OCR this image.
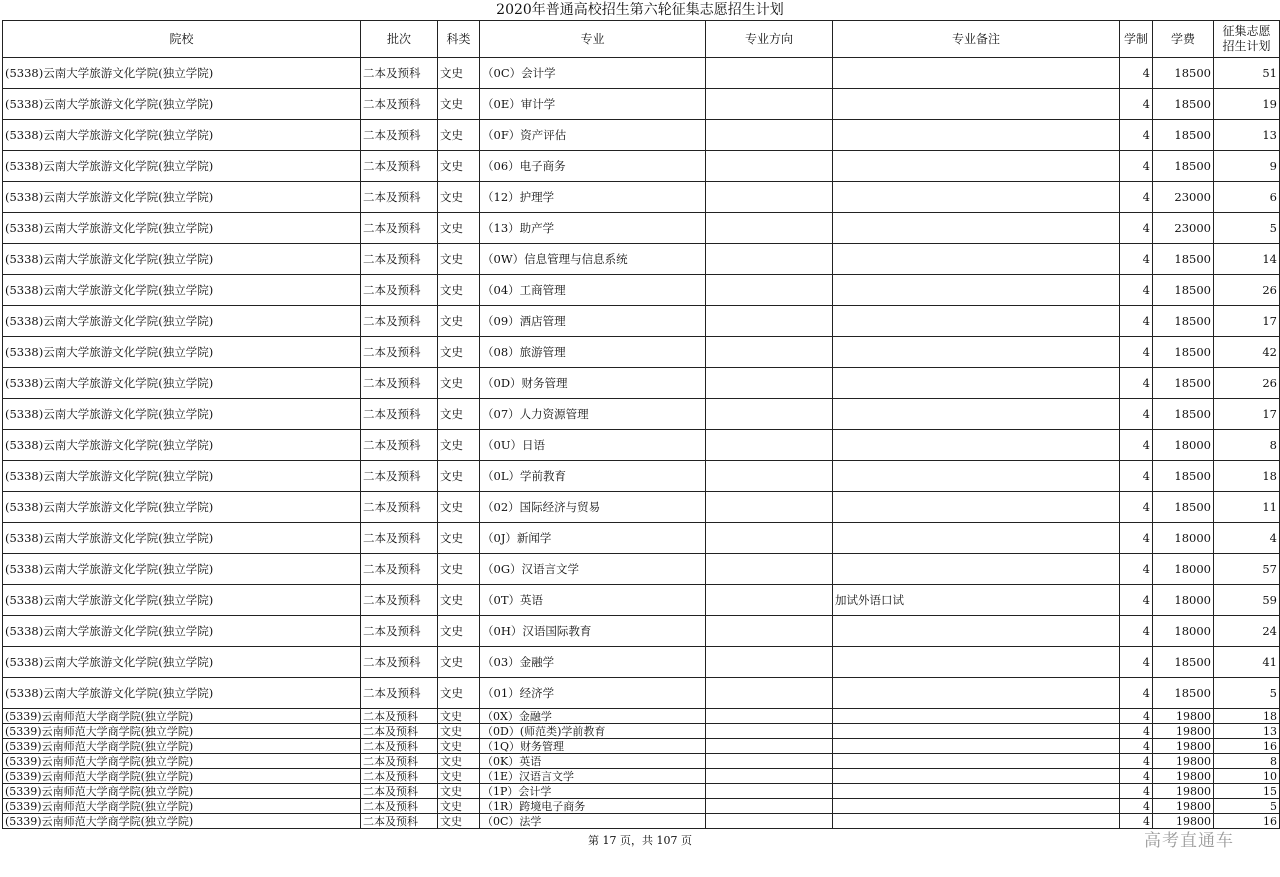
2020年普通高校招生第六轮征集志愿招生计划
院校	批次	科类	专业	专业方向	专业备注	学制	学费	征集志愿
招生计划

(5338)云南大学旅游文化学院(独立学院)	二本及预科	文史	（0C）会计学			4	18500	51
(5338)云南大学旅游文化学院(独立学院)	二本及预科	文史	（0E）审计学			4	18500	19
(5338)云南大学旅游文化学院(独立学院)	二本及预科	文史	（0F）资产评估			4	18500	13
(5338)云南大学旅游文化学院(独立学院)	二本及预科	文史	（06）电子商务			4	18500	9
(5338)云南大学旅游文化学院(独立学院)	二本及预科	文史	（12）护理学			4	23000	6
(5338)云南大学旅游文化学院(独立学院)	二本及预科	文史	（13）助产学			4	23000	5
(5338)云南大学旅游文化学院(独立学院)	二本及预科	文史	（0W）信息管理与信息系统			4	18500	14
(5338)云南大学旅游文化学院(独立学院)	二本及预科	文史	（04）工商管理			4	18500	26
(5338)云南大学旅游文化学院(独立学院)	二本及预科	文史	（09）酒店管理			4	18500	17
(5338)云南大学旅游文化学院(独立学院)	二本及预科	文史	（08）旅游管理			4	18500	42
(5338)云南大学旅游文化学院(独立学院)	二本及预科	文史	（0D）财务管理			4	18500	26
(5338)云南大学旅游文化学院(独立学院)	二本及预科	文史	（07）人力资源管理			4	18500	17
(5338)云南大学旅游文化学院(独立学院)	二本及预科	文史	（0U）日语			4	18000	8
(5338)云南大学旅游文化学院(独立学院)	二本及预科	文史	（0L）学前教育			4	18500	18
(5338)云南大学旅游文化学院(独立学院)	二本及预科	文史	（02）国际经济与贸易			4	18500	11
(5338)云南大学旅游文化学院(独立学院)	二本及预科	文史	（0J）新闻学			4	18000	4
(5338)云南大学旅游文化学院(独立学院)	二本及预科	文史	（0G）汉语言文学			4	18000	57
(5338)云南大学旅游文化学院(独立学院)	二本及预科	文史	（0T）英语		加试外语口试	4	18000	59
(5338)云南大学旅游文化学院(独立学院)	二本及预科	文史	（0H）汉语国际教育			4	18000	24
(5338)云南大学旅游文化学院(独立学院)	二本及预科	文史	（03）金融学			4	18500	41
(5338)云南大学旅游文化学院(独立学院)	二本及预科	文史	（01）经济学			4	18500	5
(5339)云南师范大学商学院(独立学院)	二本及预科	文史	（0X）金融学			4	19800	18
(5339)云南师范大学商学院(独立学院)	二本及预科	文史	（0D）(师范类)学前教育			4	19800	13
(5339)云南师范大学商学院(独立学院)	二本及预科	文史	（1Q）财务管理			4	19800	16
(5339)云南师范大学商学院(独立学院)	二本及预科	文史	（0K）英语			4	19800	8
(5339)云南师范大学商学院(独立学院)	二本及预科	文史	（1E）汉语言文学			4	19800	10
(5339)云南师范大学商学院(独立学院)	二本及预科	文史	（1P）会计学			4	19800	15
(5339)云南师范大学商学院(独立学院)	二本及预科	文史	（1R）跨境电子商务			4	19800	5
(5339)云南师范大学商学院(独立学院)	二本及预科	文史	（0C）法学			4	19800	16
第 17 页，共 107 页	高考直通车
